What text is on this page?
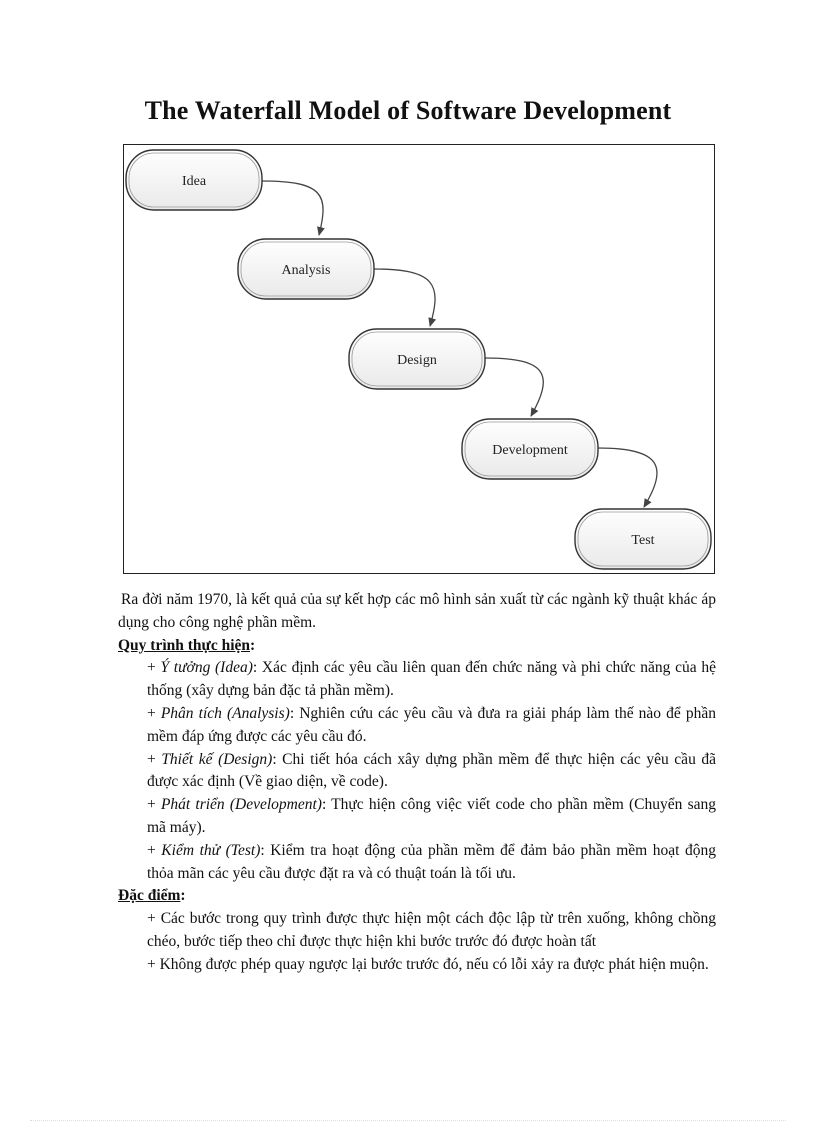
The Waterfall Model of Software Development
Idea
Analysis
Design
Development
Test

Ra đời năm 1970, là kết quả của sự kết hợp các mô hình sản xuất từ các ngành kỹ thuật khác áp dụng cho công nghệ phần mềm.

Quy trình thực hiện:

+ Ý tưởng (Idea): Xác định các yêu cầu liên quan đến chức năng và phi chức năng của hệ thống (xây dựng bản đặc tả phần mềm).

+ Phân tích (Analysis): Nghiên cứu các yêu cầu và đưa ra giải pháp làm thế nào để phần mềm đáp ứng được các yêu cầu đó.

+ Thiết kế (Design): Chi tiết hóa cách xây dựng phần mềm để thực hiện các yêu cầu đã được xác định (Về giao diện, về code).

+ Phát triển (Development): Thực hiện công việc viết code cho phần mềm (Chuyển sang mã máy).

+ Kiểm thử (Test): Kiểm tra hoạt động của phần mềm để đảm bảo phần mềm hoạt động thỏa mãn các yêu cầu được đặt ra và có thuật toán là tối ưu.

Đặc điểm:

+ Các bước trong quy trình được thực hiện một cách độc lập từ trên xuống, không chồng chéo, bước tiếp theo chỉ được thực hiện khi bước trước đó được hoàn tất

+ Không được phép quay ngược lại bước trước đó, nếu có lỗi xảy ra được phát hiện muộn.
